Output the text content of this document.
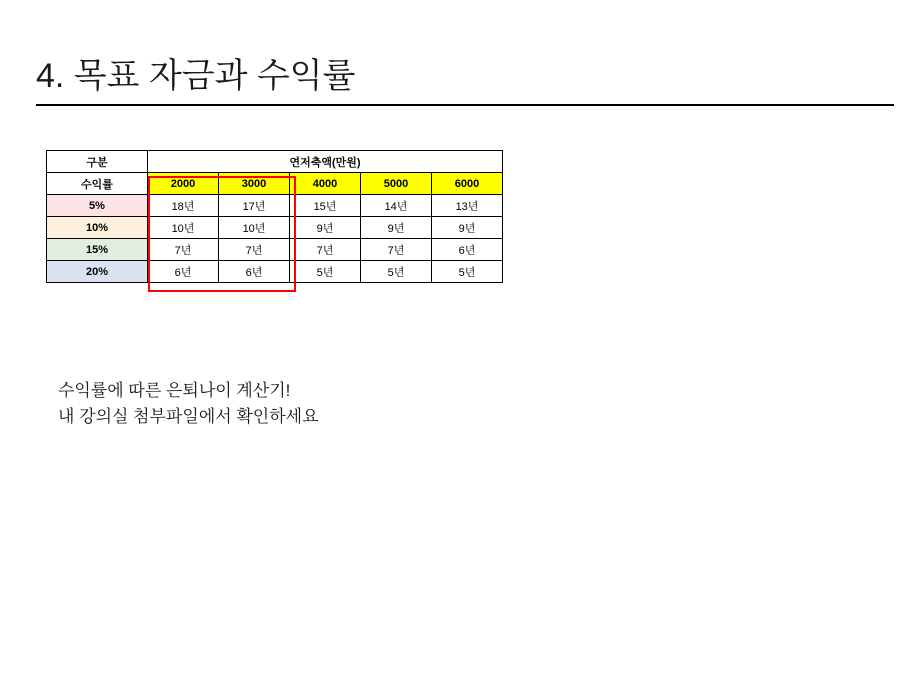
4. 목표 자금과 수익률
구분	연저축액(만원)				
수익률	2000	3000	4000	5000	6000
5%	18년	17년	15년	14년	13년
10%	10년	10년	9년	9년	9년
15%	7년	7년	7년	7년	6년
20%	6년	6년	5년	5년	5년
수익률에 따른 은퇴나이 계산기!
내 강의실 첨부파일에서 확인하세요
